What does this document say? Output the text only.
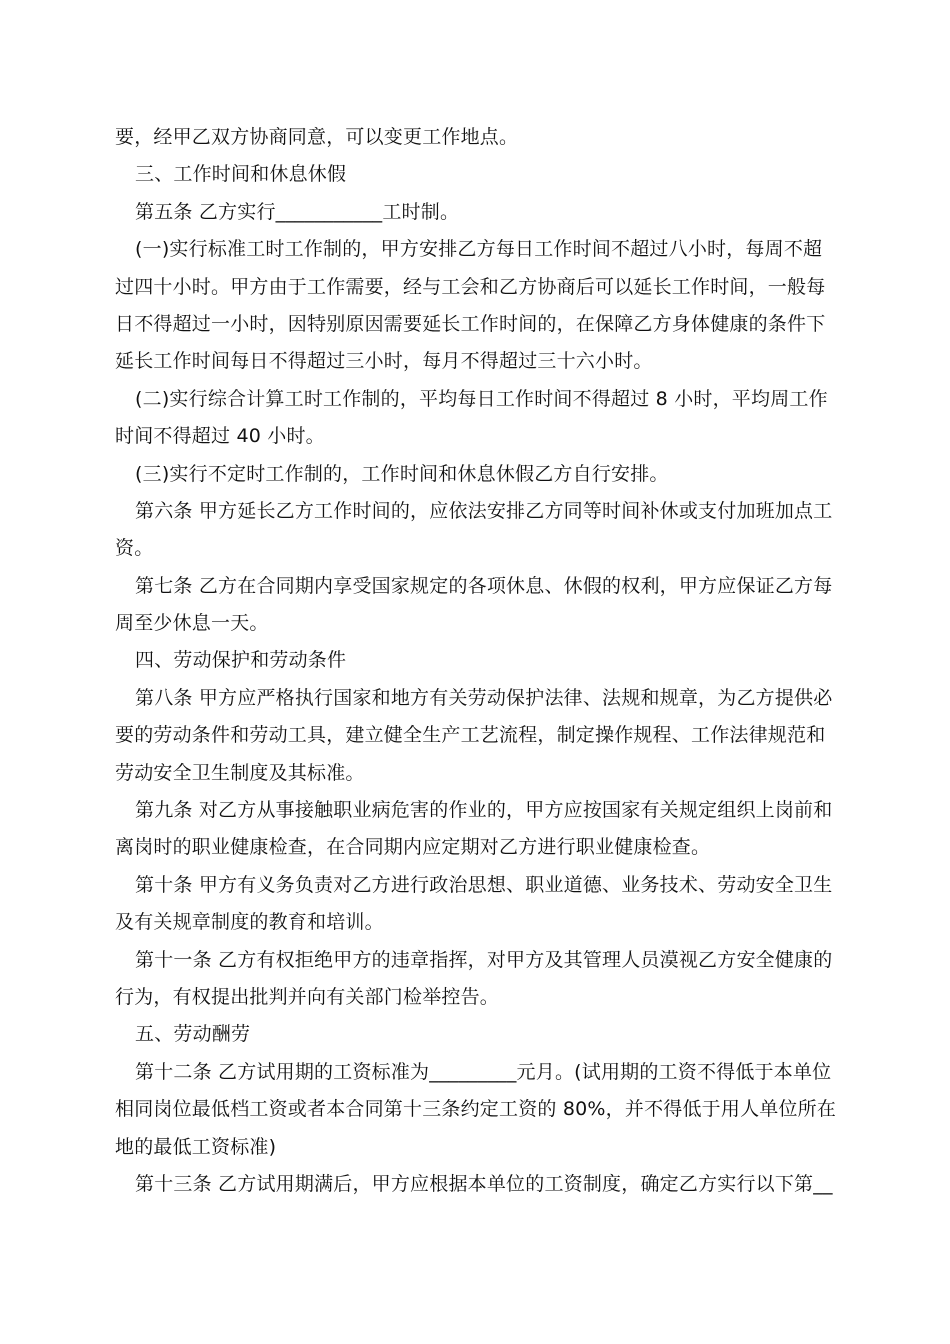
要，经甲乙双方协商同意，可以变更工作地点。
三、工作时间和休息休假
第五条 乙方实行___________工时制。
(一)实行标准工时工作制的，甲方安排乙方每日工作时间不超过八小时，每周不超
过四十小时。甲方由于工作需要，经与工会和乙方协商后可以延长工作时间，一般每
日不得超过一小时，因特别原因需要延长工作时间的，在保障乙方身体健康的条件下
延长工作时间每日不得超过三小时，每月不得超过三十六小时。
(二)实行综合计算工时工作制的，平均每日工作时间不得超过 8 小时，平均周工作
时间不得超过 40 小时。
(三)实行不定时工作制的，工作时间和休息休假乙方自行安排。
第六条 甲方延长乙方工作时间的，应依法安排乙方同等时间补休或支付加班加点工
资。
第七条 乙方在合同期内享受国家规定的各项休息、休假的权利，甲方应保证乙方每
周至少休息一天。
四、劳动保护和劳动条件
第八条 甲方应严格执行国家和地方有关劳动保护法律、法规和规章，为乙方提供必
要的劳动条件和劳动工具，建立健全生产工艺流程，制定操作规程、工作法律规范和
劳动安全卫生制度及其标准。
第九条 对乙方从事接触职业病危害的作业的，甲方应按国家有关规定组织上岗前和
离岗时的职业健康检查，在合同期内应定期对乙方进行职业健康检查。
第十条 甲方有义务负责对乙方进行政治思想、职业道德、业务技术、劳动安全卫生
及有关规章制度的教育和培训。
第十一条 乙方有权拒绝甲方的违章指挥，对甲方及其管理人员漠视乙方安全健康的
行为，有权提出批判并向有关部门检举控告。
五、劳动酬劳
第十二条 乙方试用期的工资标准为_________元月。(试用期的工资不得低于本单位
相同岗位最低档工资或者本合同第十三条约定工资的 80%，并不得低于用人单位所在
地的最低工资标准)
第十三条 乙方试用期满后，甲方应根据本单位的工资制度，确定乙方实行以下第__
